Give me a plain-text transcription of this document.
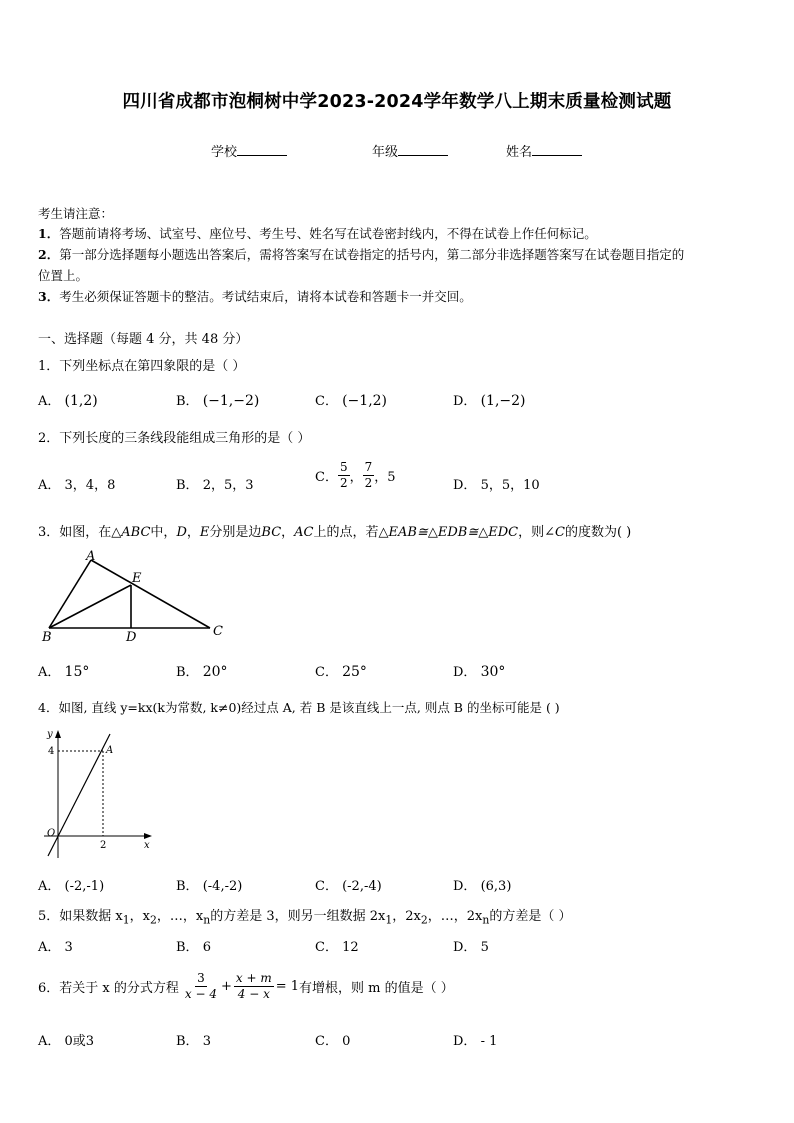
四川省成都市泡桐树中学2023-2024学年数学八上期末质量检测试题
学校	年级	姓名
考生请注意：
1．答题前请将考场、试室号、座位号、考生号、姓名写在试卷密封线内，不得在试卷上作任何标记。
2．第一部分选择题每小题选出答案后，需将答案写在试卷指定的括号内，第二部分非选择题答案写在试卷题目指定的
位置上。
3．考生必须保证答题卡的整洁。考试结束后，请将本试卷和答题卡一并交回。
一、选择题（每题 4 分，共 48 分）
1．下列坐标点在第四象限的是（ ）
A． (1,2)	B． (−1,−2)	C． (−1,2)	D． (1,−2)
2．下列长度的三条线段能组成三角形的是（ ）
A． 3，4，8	B． 2，5，3
C． $\frac{5}{2}$ ， $\frac{7}{2}$ ，5
D． 5，5，10
3．如图，在△ABC中，D，E分别是边BC，AC上的点，若△EAB≅△EDB≅△EDC，则∠C的度数为( )
A
E
B	D	C
A． 15°	B． 20°	C． 25°	D． 30°
4．如图, 直线 y=kx(k为常数, k≠0)经过点 A, 若 B 是该直线上一点, 则点 B 的坐标可能是 ( )
y
x
O
A
4
2
A． (-2,-1)	B． (-4,-2)	C． (-2,-4)	D． (6,3)
5．如果数据 $x_1$，$x_2$，…，$x_n$的方差是 3，则另一组数据 $2x_1$，$2x_2$，…，$2x_n$的方差是（ ）
A． 3	B． 6	C． 12	D． 5
6．若关于 x 的分式方程 $\frac{3}{x - 4} + \frac{x + m}{4 - x} = 1$ 有增根，则 m 的值是（ ）
A． 0或3	B． 3	C． 0	D． - 1
